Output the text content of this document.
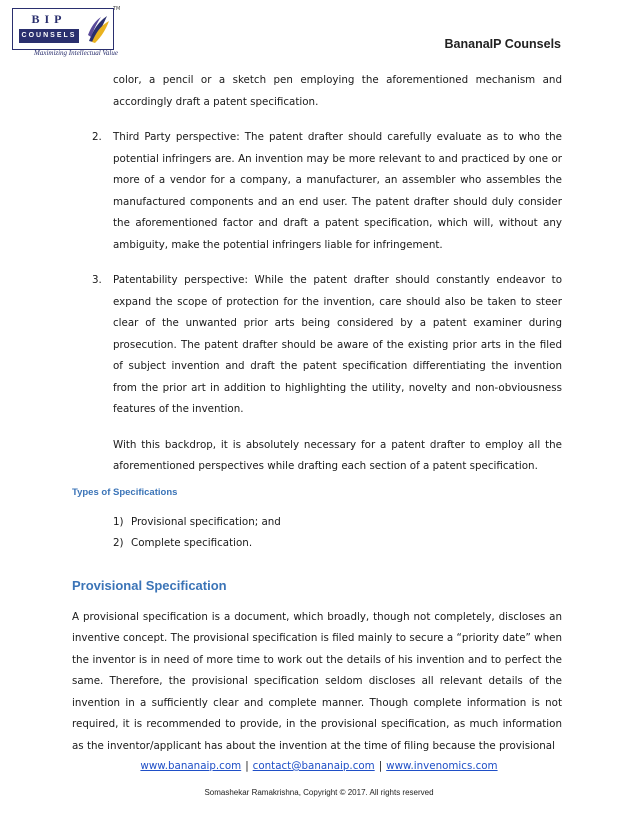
BIP
COUNSELS
TM
Maximizing Intellectual Value
BananaIP Counsels

color, a pencil or a sketch pen employing the aforementioned mechanism and accordingly draft a patent specification.

2. Third Party perspective: The patent drafter should carefully evaluate as to who the potential infringers are. An invention may be more relevant to and practiced by one or more of a vendor for a company, a manufacturer, an assembler who assembles the manufactured components and an end user. The patent drafter should duly consider the aforementioned factor and draft a patent specification, which will, without any ambiguity, make the potential infringers liable for infringement.

3. Patentability perspective: While the patent drafter should constantly endeavor to expand the scope of protection for the invention, care should also be taken to steer clear of the unwanted prior arts being considered by a patent examiner during prosecution. The patent drafter should be aware of the existing prior arts in the filed of subject invention and draft the patent specification differentiating the invention from the prior art in addition to highlighting the utility, novelty and non-obviousness features of the invention.

With this backdrop, it is absolutely necessary for a patent drafter to employ all the aforementioned perspectives while drafting each section of a patent specification.

Types of Specifications
1) Provisional specification; and
2) Complete specification.
Provisional Specification

A provisional specification is a document, which broadly, though not completely, discloses an inventive concept. The provisional specification is filed mainly to secure a “priority date” when the inventor is in need of more time to work out the details of his invention and to perfect the same. Therefore, the provisional specification seldom discloses all relevant details of the invention in a sufficiently clear and complete manner. Though complete information is not required, it is recommended to provide, in the provisional specification, as much information as the inventor/applicant has about the invention at the time of filing because the provisional

www.bananaip.com | contact@bananaip.com | www.invenomics.com
Somashekar Ramakrishna, Copyright © 2017. All rights reserved
